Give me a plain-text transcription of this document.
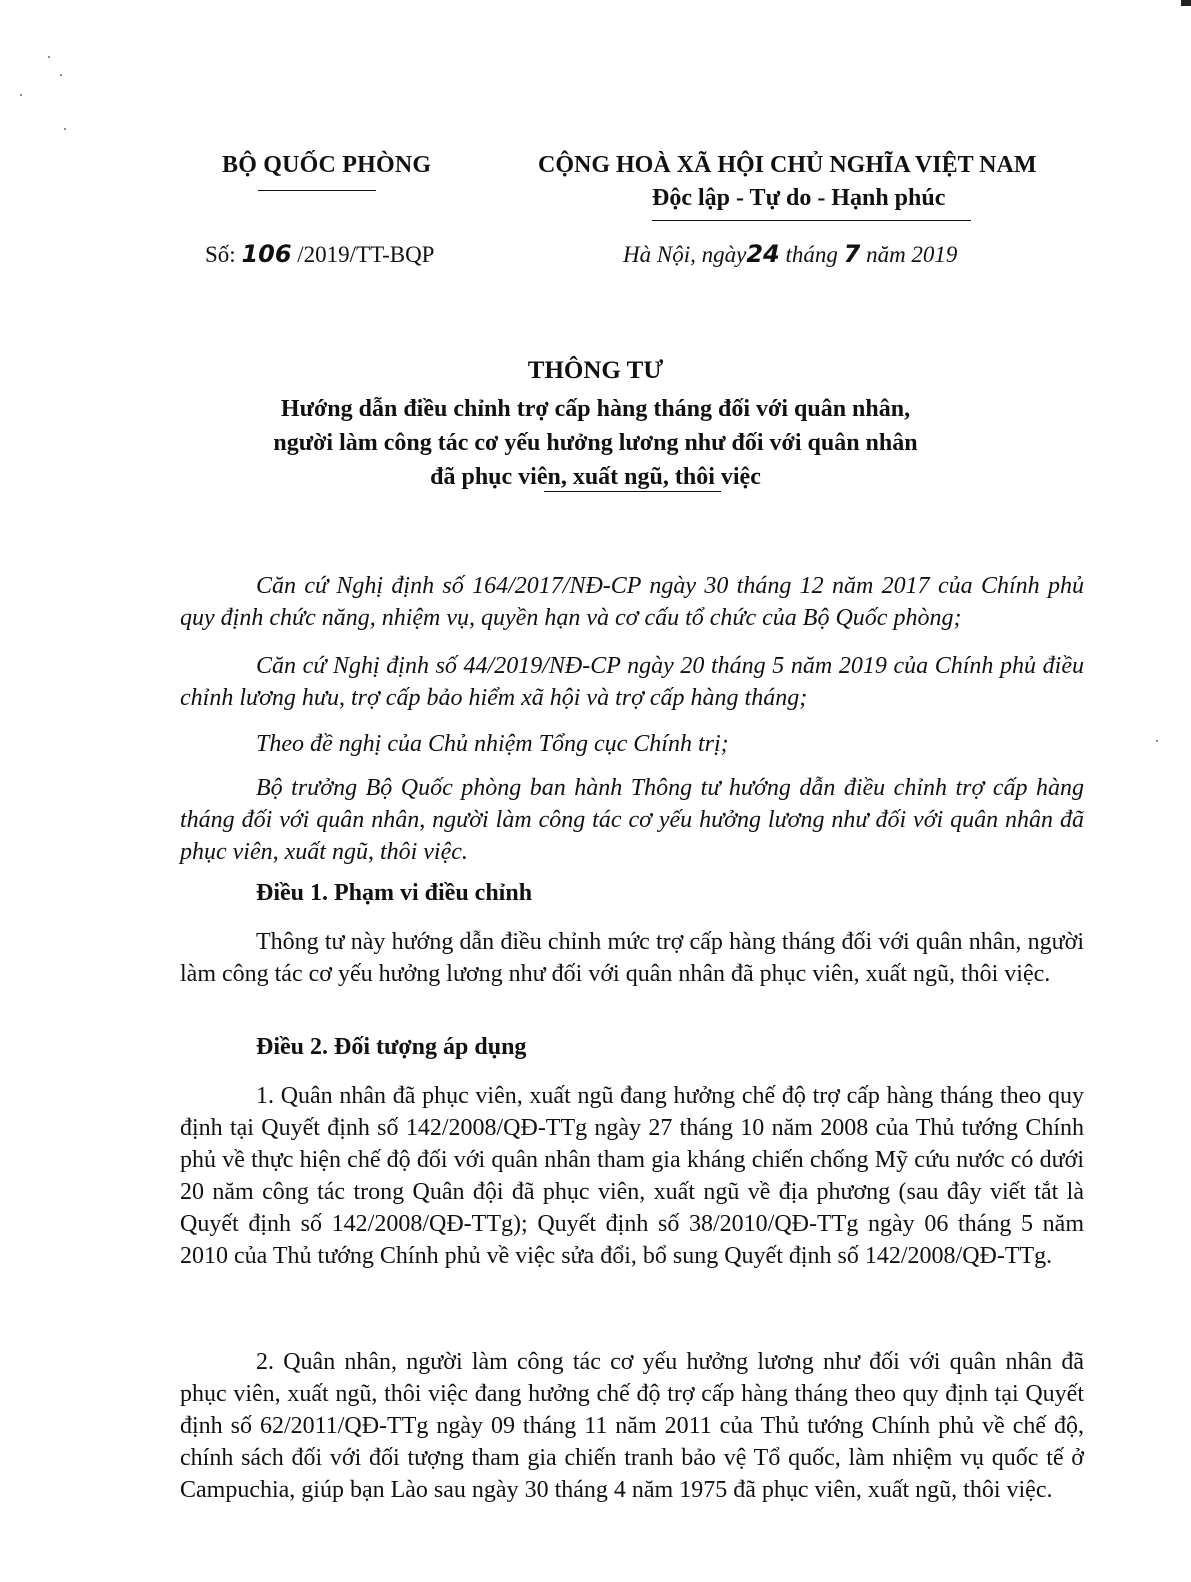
BỘ QUỐC PHÒNG	CỘNG HOÀ XÃ HỘI CHỦ NGHĨA VIỆT NAM
Độc lập - Tự do - Hạnh phúc
Số: 106 /2019/TT-BQP	Hà Nội, ngày24 tháng 7 năm 2019
THÔNG TƯ
Hướng dẫn điều chỉnh trợ cấp hàng tháng đối với quân nhân,
người làm công tác cơ yếu hưởng lương như đối với quân nhân
đã phục viên, xuất ngũ, thôi việc

Căn cứ Nghị định số 164/2017/NĐ-CP ngày 30 tháng 12 năm 2017 của Chính phủ quy định chức năng, nhiệm vụ, quyền hạn và cơ cấu tổ chức của Bộ Quốc phòng;

Căn cứ Nghị định số 44/2019/NĐ-CP ngày 20 tháng 5 năm 2019 của Chính phủ điều chỉnh lương hưu, trợ cấp bảo hiểm xã hội và trợ cấp hàng tháng;

Theo đề nghị của Chủ nhiệm Tổng cục Chính trị;

Bộ trưởng Bộ Quốc phòng ban hành Thông tư hướng dẫn điều chỉnh trợ cấp hàng tháng đối với quân nhân, người làm công tác cơ yếu hưởng lương như đối với quân nhân đã phục viên, xuất ngũ, thôi việc.

Điều 1. Phạm vi điều chỉnh

Thông tư này hướng dẫn điều chỉnh mức trợ cấp hàng tháng đối với quân nhân, người làm công tác cơ yếu hưởng lương như đối với quân nhân đã phục viên, xuất ngũ, thôi việc.

Điều 2. Đối tượng áp dụng

1. Quân nhân đã phục viên, xuất ngũ đang hưởng chế độ trợ cấp hàng tháng theo quy định tại Quyết định số 142/2008/QĐ-TTg ngày 27 tháng 10 năm 2008 của Thủ tướng Chính phủ về thực hiện chế độ đối với quân nhân tham gia kháng chiến chống Mỹ cứu nước có dưới 20 năm công tác trong Quân đội đã phục viên, xuất ngũ về địa phương (sau đây viết tắt là Quyết định số 142/2008/QĐ-TTg); Quyết định số 38/2010/QĐ-TTg ngày 06 tháng 5 năm 2010 của Thủ tướng Chính phủ về việc sửa đổi, bổ sung Quyết định số 142/2008/QĐ-TTg.

2. Quân nhân, người làm công tác cơ yếu hưởng lương như đối với quân nhân đã phục viên, xuất ngũ, thôi việc đang hưởng chế độ trợ cấp hàng tháng theo quy định tại Quyết định số 62/2011/QĐ-TTg ngày 09 tháng 11 năm 2011 của Thủ tướng Chính phủ về chế độ, chính sách đối với đối tượng tham gia chiến tranh bảo vệ Tổ quốc, làm nhiệm vụ quốc tế ở Campuchia, giúp bạn Lào sau ngày 30 tháng 4 năm 1975 đã phục viên, xuất ngũ, thôi việc.
